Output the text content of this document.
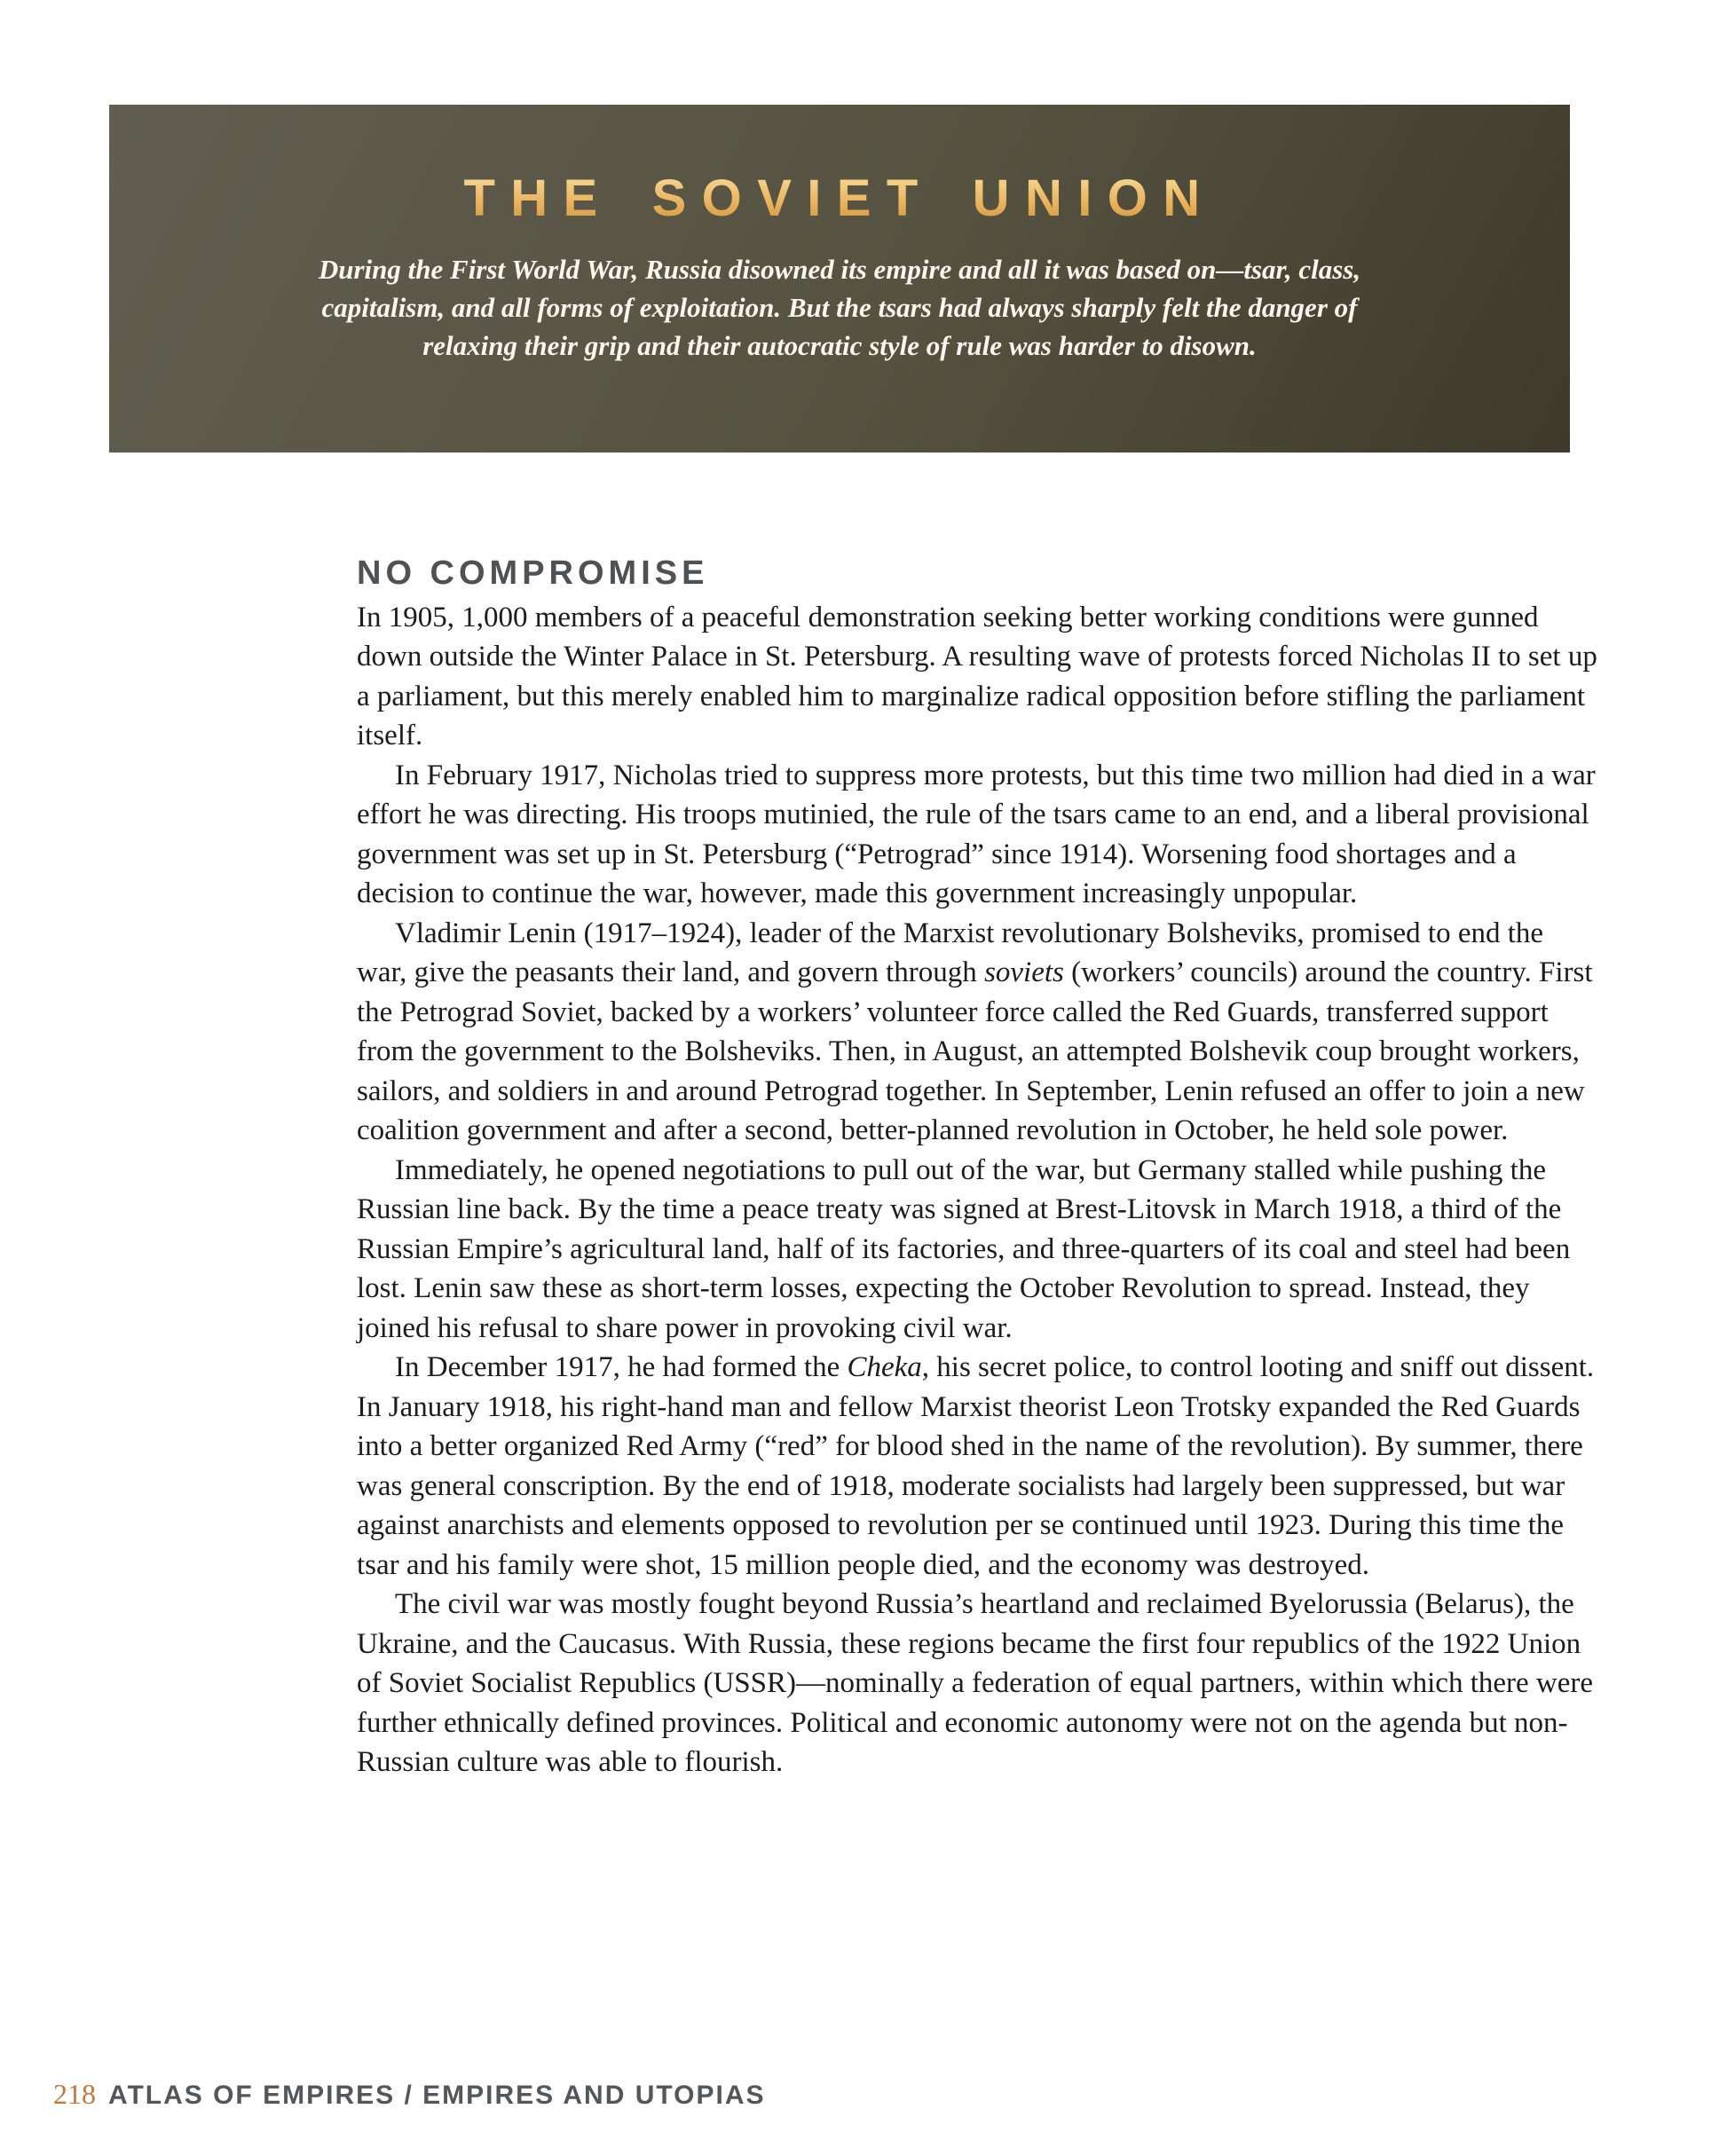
THE SOVIET UNION
During the First World War, Russia disowned its empire and all it was based on—tsar, class,
capitalism, and all forms of exploitation. But the tsars had always sharply felt the danger of
relaxing their grip and their autocratic style of rule was harder to disown.
NO COMPROMISE

In 1905, 1,000 members of a peaceful demonstration seeking better working conditions were gunned down outside the Winter Palace in St. Petersburg. A resulting wave of protests forced Nicholas II to set up a parliament, but this merely enabled him to marginalize radical opposition before stifling the parliament itself.

In February 1917, Nicholas tried to suppress more protests, but this time two million had died in a war effort he was directing. His troops mutinied, the rule of the tsars came to an end, and a liberal provisional government was set up in St. Petersburg (“Petrograd” since 1914). Worsening food shortages and a decision to continue the war, however, made this government increasingly unpopular.

Vladimir Lenin (1917–1924), leader of the Marxist revolutionary Bolsheviks, promised to end the war, give the peasants their land, and govern through soviets (workers’ councils) around the country. First the Petrograd Soviet, backed by a workers’ volunteer force called the Red Guards, transferred support from the government to the Bolsheviks. Then, in August, an attempted Bolshevik coup brought workers, sailors, and soldiers in and around Petrograd together. In September, Lenin refused an offer to join a new coalition government and after a second, better-planned revolution in October, he held sole power.

Immediately, he opened negotiations to pull out of the war, but Germany stalled while pushing the Russian line back. By the time a peace treaty was signed at Brest-Litovsk in March 1918, a third of the Russian Empire’s agricultural land, half of its factories, and three-quarters of its coal and steel had been lost. Lenin saw these as short-term losses, expecting the October Revolution to spread. Instead, they joined his refusal to share power in provoking civil war.

In December 1917, he had formed the Cheka, his secret police, to control looting and sniff out dissent. In January 1918, his right-hand man and fellow Marxist theorist Leon Trotsky expanded the Red Guards into a better organized Red Army (“red” for blood shed in the name of the revolution). By summer, there was general conscription. By the end of 1918, moderate socialists had largely been suppressed, but war against anarchists and elements opposed to revolution per se continued until 1923. During this time the tsar and his family were shot, 15 million people died, and the economy was destroyed.

The civil war was mostly fought beyond Russia’s heartland and reclaimed Byelorussia (Belarus), the Ukraine, and the Caucasus. With Russia, these regions became the first four republics of the 1922 Union of Soviet Socialist Republics (USSR)—nominally a federation of equal partners, within which there were further ethnically defined provinces. Political and economic autonomy were not on the agenda but non-Russian culture was able to flourish.

218 ATLAS OF EMPIRES / EMPIRES AND UTOPIAS
